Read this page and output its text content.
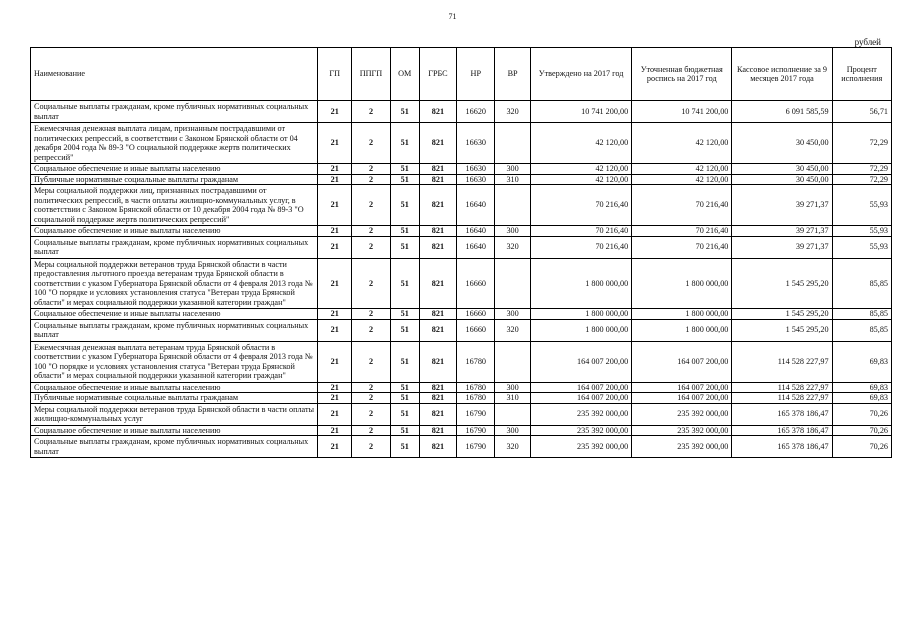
71
рублей
Наименование	ГП	ППГП	ОМ	ГРБС	НР	ВР	Утверждено на 2017 год	Уточненная бюджетная роспись на 2017 год	Кассовое исполнение за 9 месяцев 2017 года	Процент исполнения
Социальные выплаты гражданам, кроме публичных нормативных социальных выплат	21	2	51	821	16620	320	10 741 200,00	10 741 200,00	6 091 585,59	56,71
Ежемесячная денежная выплата лицам, признанным пострадавшими от политических репрессий, в соответствии с Законом Брянской области от 04 декабря 2004 года № 89-3 "О социальной поддержке жертв политических репрессий"	21	2	51	821	16630		42 120,00	42 120,00	30 450,00	72,29
Социальное обеспечение и иные выплаты населению	21	2	51	821	16630	300	42 120,00	42 120,00	30 450,00	72,29
Публичные нормативные социальные выплаты гражданам	21	2	51	821	16630	310	42 120,00	42 120,00	30 450,00	72,29
Меры социальной поддержки лиц, признанных пострадавшими от политических репрессий, в части оплаты жилищно-коммунальных услуг, в соответствии с Законом Брянской области от 10 декабря 2004 года № 89-3 "О социальной поддержке жертв политических репрессий"	21	2	51	821	16640		70 216,40	70 216,40	39 271,37	55,93
Социальное обеспечение и иные выплаты населению	21	2	51	821	16640	300	70 216,40	70 216,40	39 271,37	55,93
Социальные выплаты гражданам, кроме публичных нормативных социальных выплат	21	2	51	821	16640	320	70 216,40	70 216,40	39 271,37	55,93
Меры социальной поддержки ветеранов труда Брянской области в части предоставления льготного проезда ветеранам труда Брянской области в соответствии с указом Губернатора Брянской области от 4 февраля 2013 года № 100 "О порядке и условиях установления статуса "Ветеран труда Брянской области" и мерах социальной поддержки указанной категории граждан"	21	2	51	821	16660		1 800 000,00	1 800 000,00	1 545 295,20	85,85
Социальное обеспечение и иные выплаты населению	21	2	51	821	16660	300	1 800 000,00	1 800 000,00	1 545 295,20	85,85
Социальные выплаты гражданам, кроме публичных нормативных социальных выплат	21	2	51	821	16660	320	1 800 000,00	1 800 000,00	1 545 295,20	85,85
Ежемесячная денежная выплата ветеранам труда Брянской области в соответствии с указом Губернатора Брянской области от 4 февраля 2013 года № 100 "О порядке и условиях установления статуса "Ветеран труда Брянской области" и мерах социальной поддержки указанной категории граждан"	21	2	51	821	16780		164 007 200,00	164 007 200,00	114 528 227,97	69,83
Социальное обеспечение и иные выплаты населению	21	2	51	821	16780	300	164 007 200,00	164 007 200,00	114 528 227,97	69,83
Публичные нормативные социальные выплаты гражданам	21	2	51	821	16780	310	164 007 200,00	164 007 200,00	114 528 227,97	69,83
Меры социальной поддержки ветеранов труда Брянской области в части оплаты жилищно-коммунальных услуг	21	2	51	821	16790		235 392 000,00	235 392 000,00	165 378 186,47	70,26
Социальное обеспечение и иные выплаты населению	21	2	51	821	16790	300	235 392 000,00	235 392 000,00	165 378 186,47	70,26
Социальные выплаты гражданам, кроме публичных нормативных социальных выплат	21	2	51	821	16790	320	235 392 000,00	235 392 000,00	165 378 186,47	70,26
